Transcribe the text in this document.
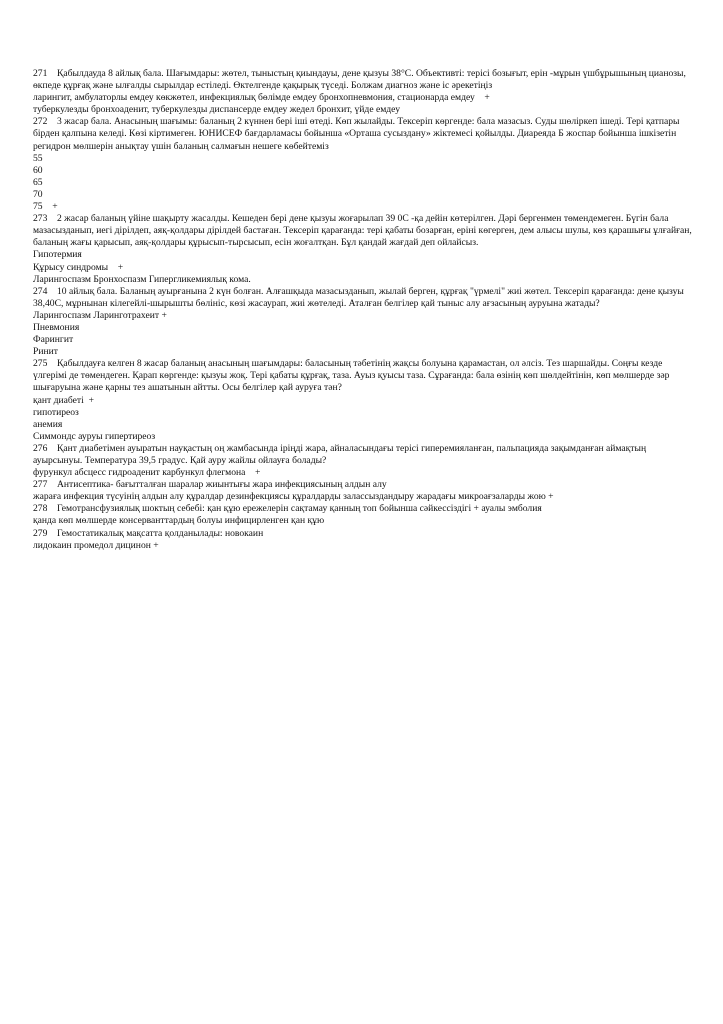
271    Қабылдауда 8 айлық бала. Шағымдары: жөтел, тыныстың қиындауы, дене қызуы 38°С. Объективті: терісі бозығыт, ерін -мұрын үшбұрышының цианозы, өкпеде құрғақ және ылғалды сырылдар естіледі. Өктелгенде қақырық түседі. Болжам диагноз және іс әрекетіңіз
ларингит, амбулаторлы емдеу көкжөтел, инфекциялық бөлімде емдеу бронхопневмония, стационарда емдеу    +
туберкулезды бронхоаденит, туберкулезды диспансерде емдеу жедел бронхит, үйде емдеу
272    3 жасар бала. Анасының шағымы: баланың 2 күннен бері іші өтеді. Көп жылайды. Тексеріп көргенде: бала мазасыз. Суды шөліркеп ішеді. Тері қатпары бірден қалпына келеді. Көзі кіртимеген. ЮНИСЕФ бағдарламасы бойынша «Орташа сусыздану» жіктемесі қойылды. Диареяда Б жоспар бойынша ішкізетін регидрон мөлшерін анықтау үшін баланың салмағын нешеге көбейтеміз
55
60
65
70
75    +
273    2 жасар баланың үйіне шақырту жасалды. Кешеден бері дене қызуы жоғарылап 39 0С -қа дейін көтерілген. Дәрі бергенмен төмендемеген. Бүгін бала мазасызданып, иегі дірілдеп, аяқ-қолдары дірілдей бастаған. Тексеріп қарағанда: тері қабаты бозарған, еріні көгерген, дем алысы шулы, көз қарашығы ұлғайған, баланың жағы қарысып, аяқ-қолдары құрысып-тырсысып, есін жоғалтқан. Бұл қандай жағдай деп ойлайсыз.
Гипотермия
Құрысу синдромы    +
Ларингоспазм Бронхоспазм Гипергликемиялық кома.
274    10 айлық бала. Баланың ауырғанына 2 күн болған. Алғашқыда мазасызданып, жылай берген, құрғақ "үрмелі" жиі жөтел. Тексеріп қарағанда: дене қызуы 38,40С, мұрнынан кілегейлі-шырышты бөлініс, көзі жасаурап, жиі жөтеледі. Аталған белгілер қай тыныс алу ағзасының ауруына жатады?
Ларингоспазм Ларинготрахеит +
Пневмония
Фарингит
Ринит
275    Қабылдауға келген 8 жасар баланың анасының шағымдары: баласының тәбетінің жақсы болуына қарамастан, ол әлсіз. Тез шаршайды. Соңғы кезде үлгерімі де төмендеген. Қарап көргенде: қызуы жоқ. Тері қабаты құрғақ, таза. Ауыз қуысы таза. Сұрағанда: бала өзінің көп шөлдейтінін, көп мөлшерде зәр шығаруына және қарны тез ашатынын айтты. Осы белгілер қай ауруға тән?
қант диабеті  +
гипотиреоз
анемия
Симмондс ауруы гипертиреоз
276    Қант диабетімен ауыратын науқастың оң жамбасында іріңді жара, айналасындағы терісі гиперемияланған, пальпацияда зақымданған аймақтың ауырсынуы. Температура 39,5 градус. Қай ауру жайлы ойлауға болады?
фурункул абсцесс гидроаденит карбункул флегмона    +
277    Антисептика- бағытталған шаралар жиынтығы жара инфекциясының алдын алу
жараға инфекция түсуінің алдын алу құралдар дезинфекциясы құралдарды залассыздандыру жарадағы микроағзаларды жою +
278    Гемотрансфузиялық шоктың себебі: қан құю ережелерін сақтамау қанның топ бойынша сәйкессіздігі + ауалы эмболия
қанда көп мөлшерде консерванттардың болуы инфицирленген қан құю
279    Гемостатикалық мақсатта қолданылады: новокаин
лидокаин промедол дицинон +
